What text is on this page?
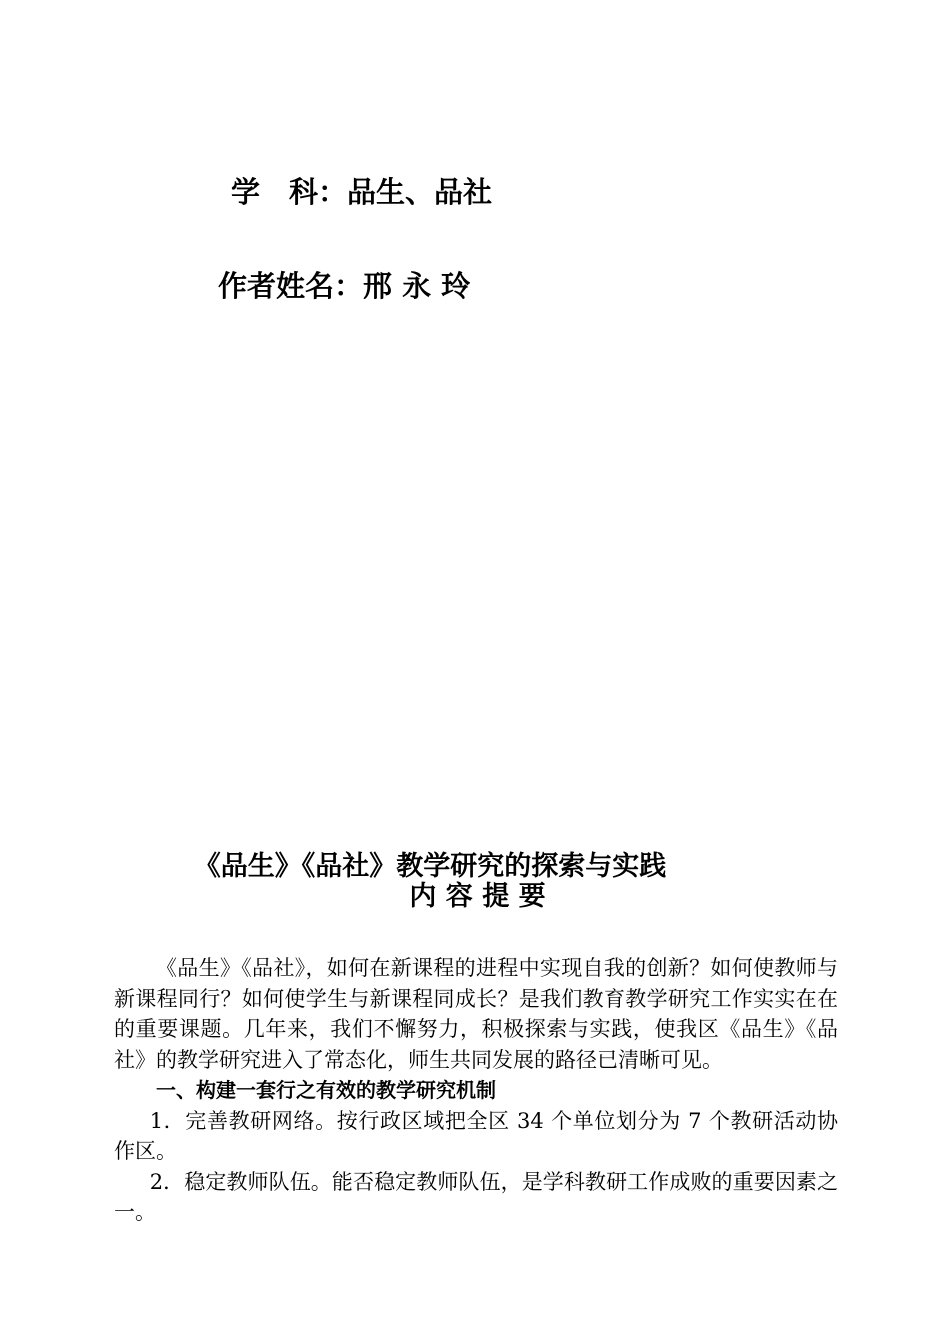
学　科：品生、品社
作者姓名：邢 永 玲
《品生》《品社》教学研究的探索与实践
内 容 提 要

《品生》《品社》，如何在新课程的进程中实现自我的创新？如何使教师与新课程同行？如何使学生与新课程同成长？是我们教育教学研究工作实实在在的重要课题。几年来，我们不懈努力，积极探索与实践，使我区《品生》《品社》的教学研究进入了常态化，师生共同发展的路径已清晰可见。

一、构建一套行之有效的教学研究机制

1．完善教研网络。按行政区域把全区 34 个单位划分为 7 个教研活动协作区。

2．稳定教师队伍。能否稳定教师队伍，是学科教研工作成败的重要因素之一。
